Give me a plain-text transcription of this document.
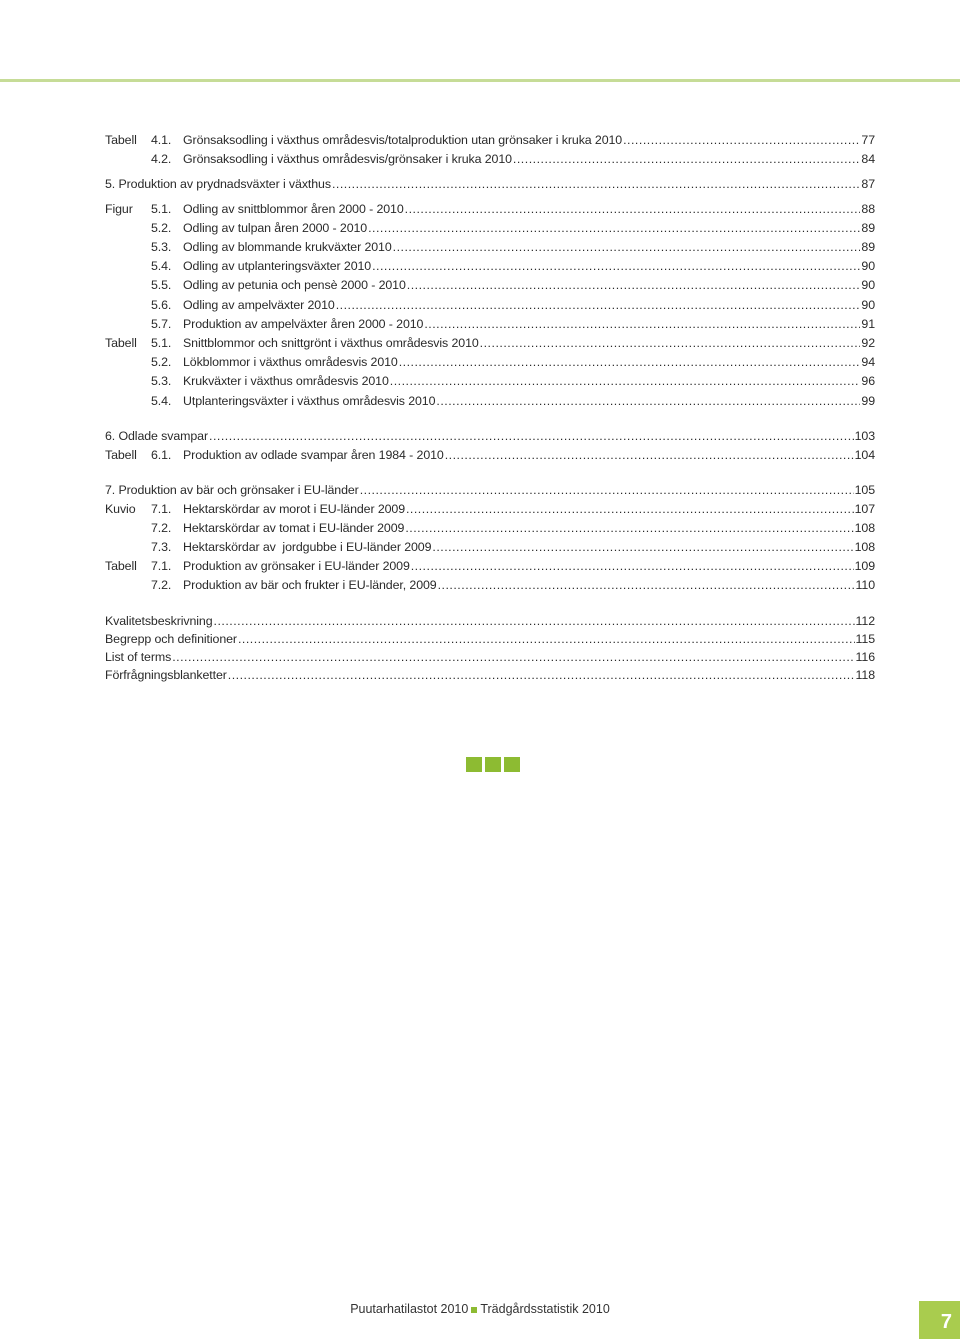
Tabell 4.1. Grönsaksodling i växthus områdesvis/totalproduktion utan grönsaker i kruka 2010 .....	77
4.2. Grönsaksodling i växthus områdesvis/grönsaker i kruka 2010 .....	84
5. Produktion av prydnadsväxter i växthus .....	87
Figur 5.1. Odling av snittblommor åren 2000 - 2010 .....	88
5.2. Odling av tulpan åren 2000 - 2010 .....	89
5.3. Odling av blommande krukväxter 2010 .....	89
5.4. Odling av utplanteringsväxter 2010 .....	90
5.5. Odling av petunia och pensè 2000 - 2010 .....	90
5.6. Odling av ampelväxter 2010 .....	90
5.7. Produktion av ampelväxter åren 2000 - 2010 .....	91
Tabell 5.1. Snittblommor och snittgrönt i växthus områdesvis 2010 .....	92
5.2. Lökblommor i växthus områdesvis 2010 .....	94
5.3. Krukväxter i växthus områdesvis 2010 .....	96
5.4. Utplanteringsväxter i växthus områdesvis 2010 .....	99
6. Odlade svampar .....	103
Tabell 6.1. Produktion av odlade svampar åren 1984 - 2010 .....	104
7. Produktion av bär och grönsaker i EU-länder .....	105
Kuvio 7.1. Hektarskördar av morot i EU-länder 2009 .....	107
7.2. Hektarskördar av tomat i EU-länder 2009 .....	108
7.3. Hektarskördar av  jordgubbe i EU-länder 2009 .....	108
Tabell 7.1. Produktion av grönsaker i EU-länder 2009 .....	109
7.2. Produktion av bär och frukter i EU-länder, 2009 .....	110
Kvalitetsbeskrivning .....	112
Begrepp och definitioner .....	115
List of terms .....	116
Förfrågningsblanketter .....	118
Puutarhatilastot 2010 Trädgårdsstatistik 2010
7
